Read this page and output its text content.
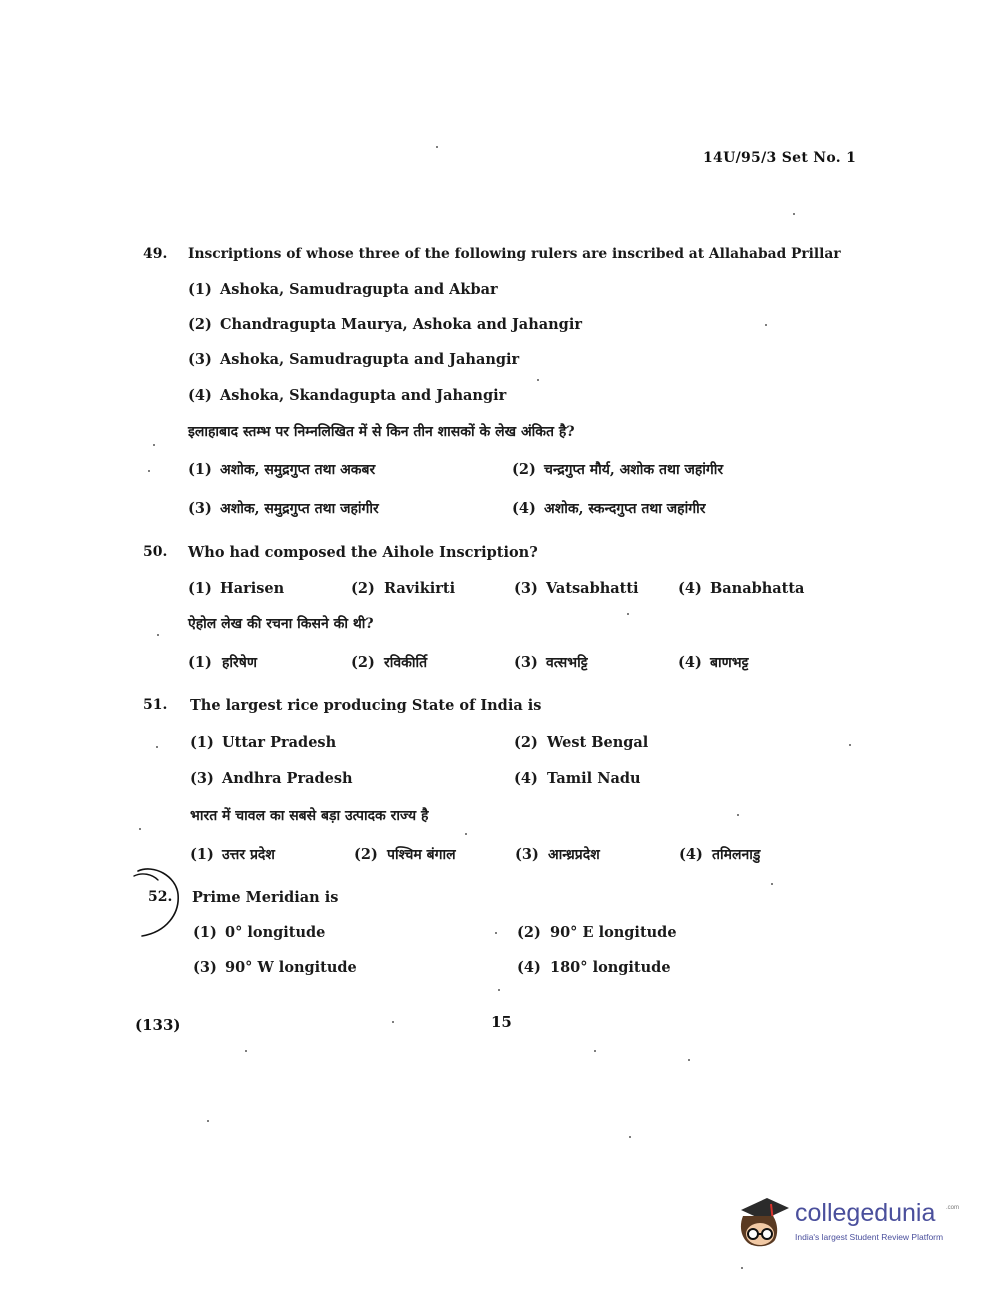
14U/95/3 Set No. 1
49. Inscriptions of whose three of the following rulers are inscribed at Allahabad Prillar
(1) Ashoka, Samudragupta and Akbar
(2) Chandragupta Maurya, Ashoka and Jahangir
(3) Ashoka, Samudragupta and Jahangir
(4) Ashoka, Skandagupta and Jahangir
इलाहाबाद स्तम्भ पर निम्नलिखित में से किन तीन शासकों के लेख अंकित है?
(1) अशोक, समुद्रगुप्त तथा अकबर	(2) चन्द्रगुप्त मौर्य, अशोक तथा जहांगीर
(3) अशोक, समुद्रगुप्त तथा जहांगीर	(4) अशोक, स्कन्दगुप्त तथा जहांगीर
50. Who had composed the Aihole Inscription?
(1) Harisen	(2) Ravikirti	(3) Vatsabhatti	(4) Banabhatta
ऐहोल लेख की रचना किसने की थी?
(1) हरिषेण	(2) रविकीर्ति	(3) वत्सभट्टि	(4) बाणभट्ट
51. The largest rice producing State of India is
(1) Uttar Pradesh	(2) West Bengal
(3) Andhra Pradesh	(4) Tamil Nadu
भारत में चावल का सबसे बड़ा उत्पादक राज्य है
(1) उत्तर प्रदेश	(2) पश्चिम बंगाल	(3) आन्ध्रप्रदेश	(4) तमिलनाडु
52. Prime Meridian is
(1) 0° longitude	(2) 90° E longitude
(3) 90° W longitude	(4) 180° longitude
(133)	15
collegedunia .com
India's largest Student Review Platform
